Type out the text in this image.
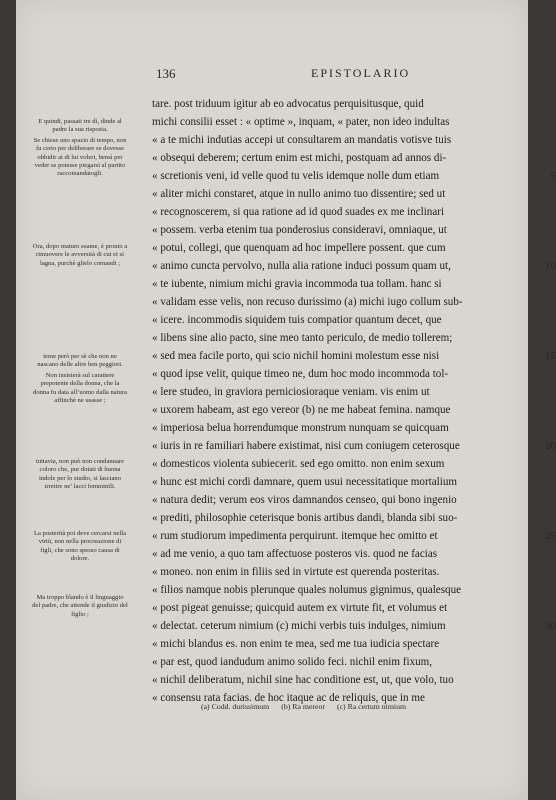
136	EPISTOLARIO

E quindi, passati tre dì, dinde al padre la sua risposta.

Se chiese uno spazio di tempo, non fu certo per deliberare se dovesse obbidir ai di lui voleri, bensì per veder se potesse piegarsi al partito raccomandatogli.

Ora, dopo maturo esame, è pronto a rimuovere le avversità di cui ei si lagna, purchè glielo comandi ;

teme però per sè che non ne nascano delle altre ben peggiori.

Non insisterà sul carattere prepotente della donna, che la donna fu data all’uomo dalla natura affinchè ne usasse ;

tuttavia, non può non condannare coloro che, pur dotati di buona indole per lo studio, si lasciano irretire ne’ lacci femminili.

La posterità poi deve cercarsi nella virtù, non nella procreazione di figli, che sono spesso causa di dolore.

Ma troppo blando è il linguaggio del padre, che attende il giudizio del figlio ;

tare. post triduum igitur ab eo advocatus perquisitusque, quid
michi consilii esset : « optime », inquam, « pater, non ideo indultas
« a te michi indutias accepi ut consultarem an mandatis votisve tuis
« obsequi deberem; certum enim est michi, postquam ad annos di-
« scretionis veni, id velle quod tu velis idemque nolle dum etiam	5
« aliter michi constaret, atque in nullo animo tuo dissentire; sed ut
« recognoscerem, si qua ratione ad id quod suades ex me inclinari
« possem. verba etenim tua ponderosius consideravi, omniaque, ut
« potui, collegi, que quenquam ad hoc impellere possent. que cum
« animo cuncta pervolvo, nulla alia ratione induci possum quam ut,	10
« te iubente, nimium michi gravia incommoda tua tollam. hanc si
« validam esse velis, non recuso durissimo (a) michi iugo collum sub-
« icere. incommodis siquidem tuis compatior quantum decet, que
« libens sine alio pacto, sine meo tanto periculo, de medio tollerem;
« sed mea facile porto, qui scio nichil homini molestum esse nisi	15
« quod ipse velit, quique timeo ne, dum hoc modo incommoda tol-
« lere studeo, in graviora perniciosioraque veniam. vis enim ut
« uxorem habeam, ast ego vereor (b) ne me habeat femina. namque
« imperiosa belua horrendumque monstrum nunquam se quicquam
« iuris in re familiari habere existimat, nisi cum coniugem ceterosque	20
« domesticos violenta subiecerit. sed ego omitto. non enim sexum
« hunc est michi cordi damnare, quem usui necessitatique mortalium
« natura dedit; verum eos viros damnandos censeo, qui bono ingenio
« prediti, philosophie ceterisque bonis artibus dandi, blanda sibi suo-
« rum studiorum impedimenta perquirunt. itemque hec omitto et	25
« ad me venio, a quo tam affectuose posteros vis. quod ne facias
« moneo. non enim in filiis sed in virtute est querenda posteritas.
« filios namque nobis plerunque quales nolumus gignimus, qualesque
« post pigeat genuisse; quicquid autem ex virtute fit, et volumus et
« delectat. ceterum nimium (c) michi verbis tuis indulges, nimium	30
« michi blandus es. non enim te mea, sed me tua iudicia spectare
« par est, quod iandudum animo solido feci. nichil enim fixum,
« nichil deliberatum, nichil sine hac conditione est, ut, que volo, tuo
« consensu rata facias. de hoc itaque ac de reliquis, que in me
(a) Codd. durissimum (b) Ra mereor (c) Ra certum nimium
